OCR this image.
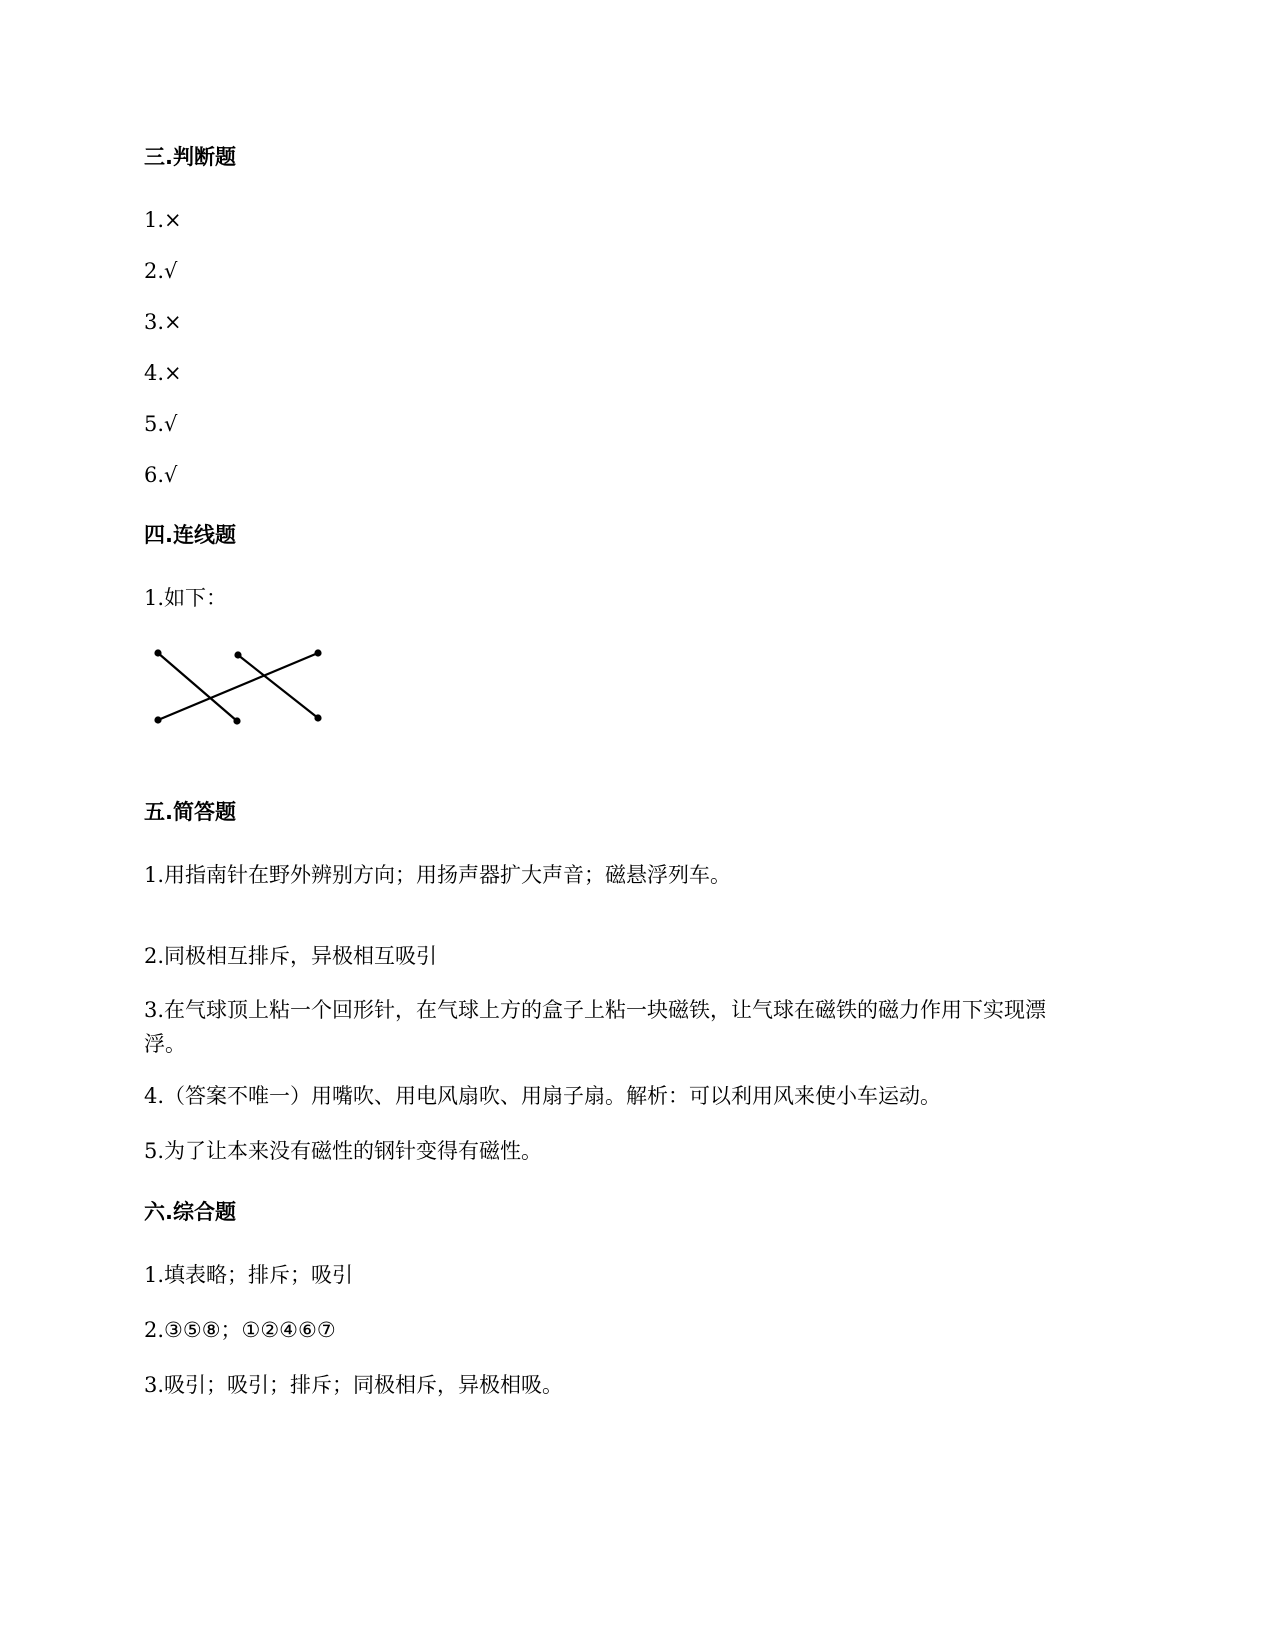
三.判断题
1.×
2.√
3.×
4.×
5.√
6.√
四.连线题
1.如下：
五.简答题
1.用指南针在野外辨别方向；用扬声器扩大声音；磁悬浮列车。
2.同极相互排斥，异极相互吸引
3.在气球顶上粘一个回形针，在气球上方的盒子上粘一块磁铁，让气球在磁铁的磁力作用下实现漂浮。
4.（答案不唯一）用嘴吹、用电风扇吹、用扇子扇。解析：可以利用风来使小车运动。
5.为了让本来没有磁性的钢针变得有磁性。
六.综合题
1.填表略；排斥；吸引
2.③⑤⑧；①②④⑥⑦
3.吸引；吸引；排斥；同极相斥，异极相吸。
